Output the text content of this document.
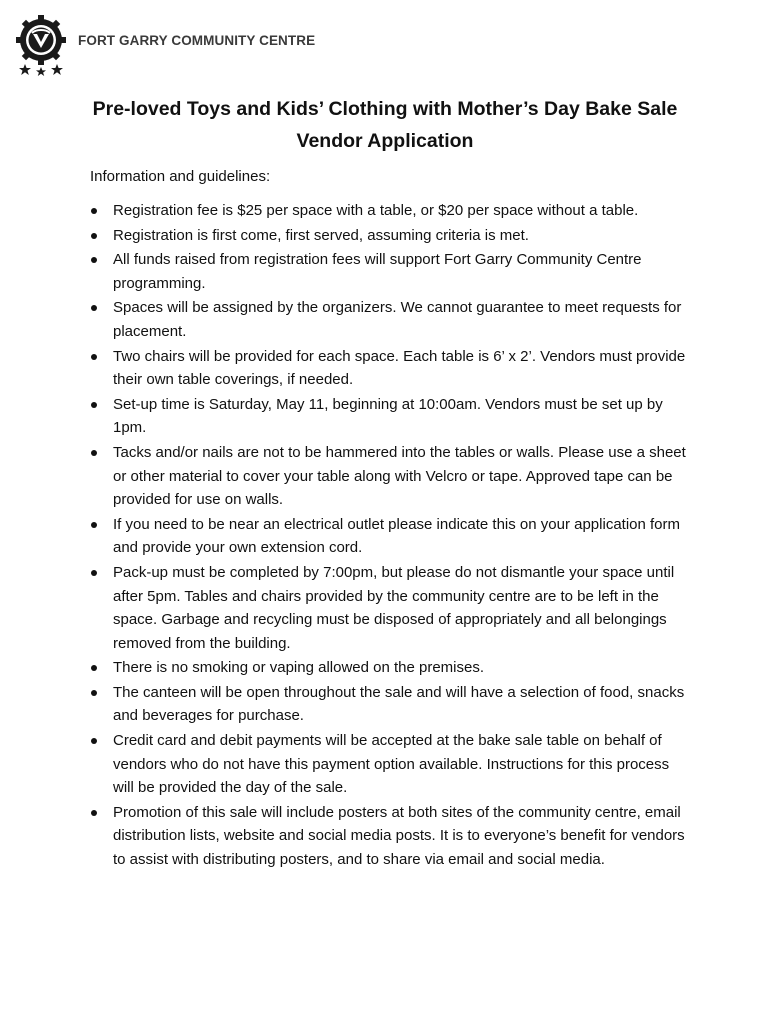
FORT GARRY COMMUNITY CENTRE
Pre-loved Toys and Kids’ Clothing with Mother’s Day Bake Sale
Vendor Application
Information and guidelines:
Registration fee is $25 per space with a table, or $20 per space without a table.
Registration is first come, first served, assuming criteria is met.
All funds raised from registration fees will support Fort Garry Community Centre programming.
Spaces will be assigned by the organizers. We cannot guarantee to meet requests for placement.
Two chairs will be provided for each space. Each table is 6’ x 2’. Vendors must provide their own table coverings, if needed.
Set-up time is Saturday, May 11, beginning at 10:00am. Vendors must be set up by 1pm.
Tacks and/or nails are not to be hammered into the tables or walls. Please use a sheet or other material to cover your table along with Velcro or tape. Approved tape can be provided for use on walls.
If you need to be near an electrical outlet please indicate this on your application form and provide your own extension cord.
Pack-up must be completed by 7:00pm, but please do not dismantle your space until after 5pm. Tables and chairs provided by the community centre are to be left in the space. Garbage and recycling must be disposed of appropriately and all belongings removed from the building.
There is no smoking or vaping allowed on the premises.
The canteen will be open throughout the sale and will have a selection of food, snacks and beverages for purchase.
Credit card and debit payments will be accepted at the bake sale table on behalf of vendors who do not have this payment option available. Instructions for this process will be provided the day of the sale.
Promotion of this sale will include posters at both sites of the community centre, email distribution lists, website and social media posts. It is to everyone’s benefit for vendors to assist with distributing posters, and to share via email and social media.
